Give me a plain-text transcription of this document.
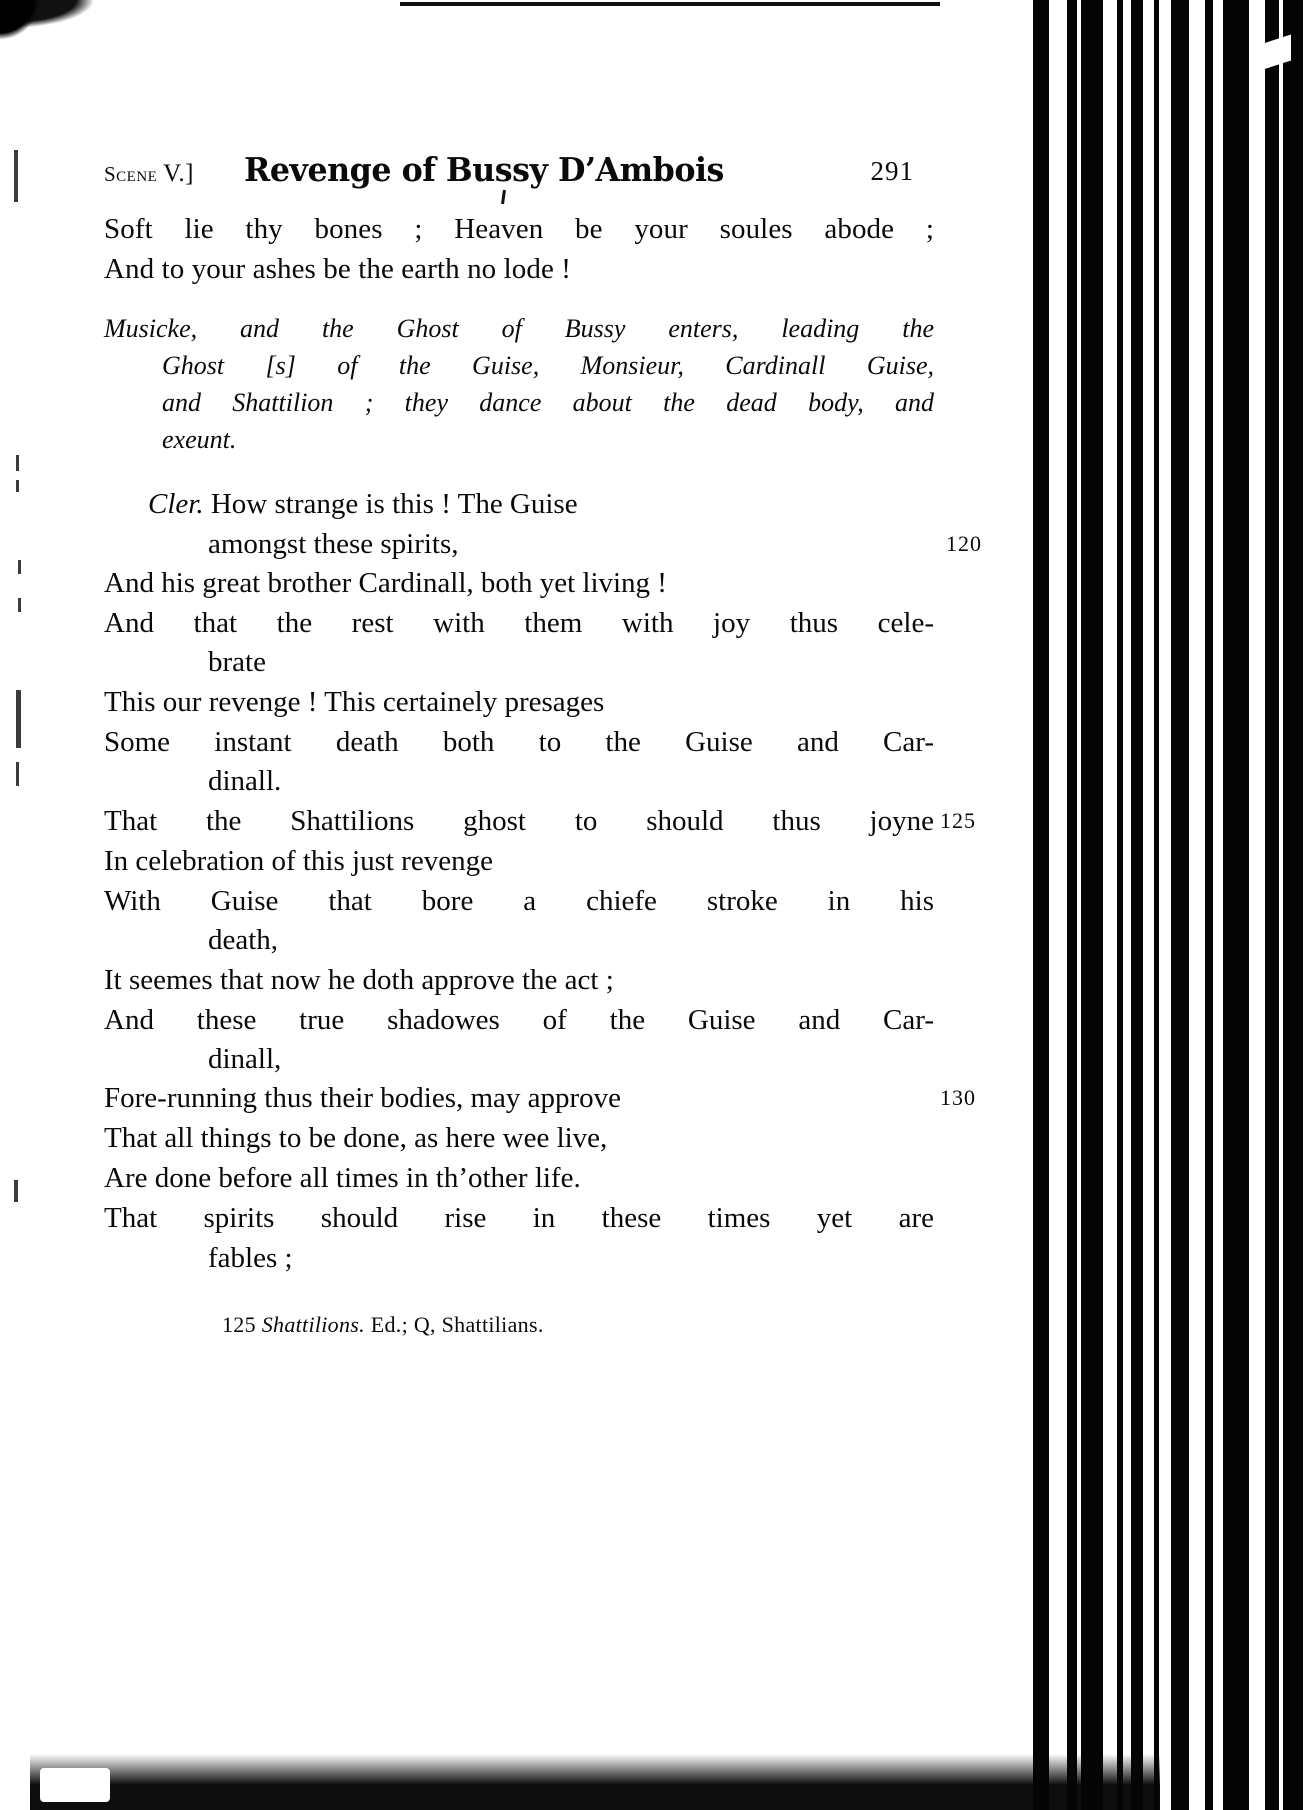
Scene V.] Revenge of Bussy D’Ambois	291
Soft lie thy bones ; Heaven be your soules abode ;
And to your ashes be the earth no lode !
Musicke, and the Ghost of Bussy enters, leading the
Ghost [s] of the Guise, Monsieur, Cardinall Guise,
and Shattilion ; they dance about the dead body, and
exeunt.
Cler. How strange is this ! The Guise
amongst these spirits,	120
And his great brother Cardinall, both yet living !
And that the rest with them with joy thus cele-
brate
This our revenge ! This certainely presages
Some instant death both to the Guise and Car-
dinall.
That the Shattilions ghost to should thus joyne 125
In celebration of this just revenge
With Guise that bore a chiefe stroke in his
death,
It seemes that now he doth approve the act ;
And these true shadowes of the Guise and Car-
dinall,
Fore-running thus their bodies, may approve	130
That all things to be done, as here wee live,
Are done before all times in th’other life.
That spirits should rise in these times yet are
fables ;
125 Shattilions. Ed.; Q, Shattilians.
